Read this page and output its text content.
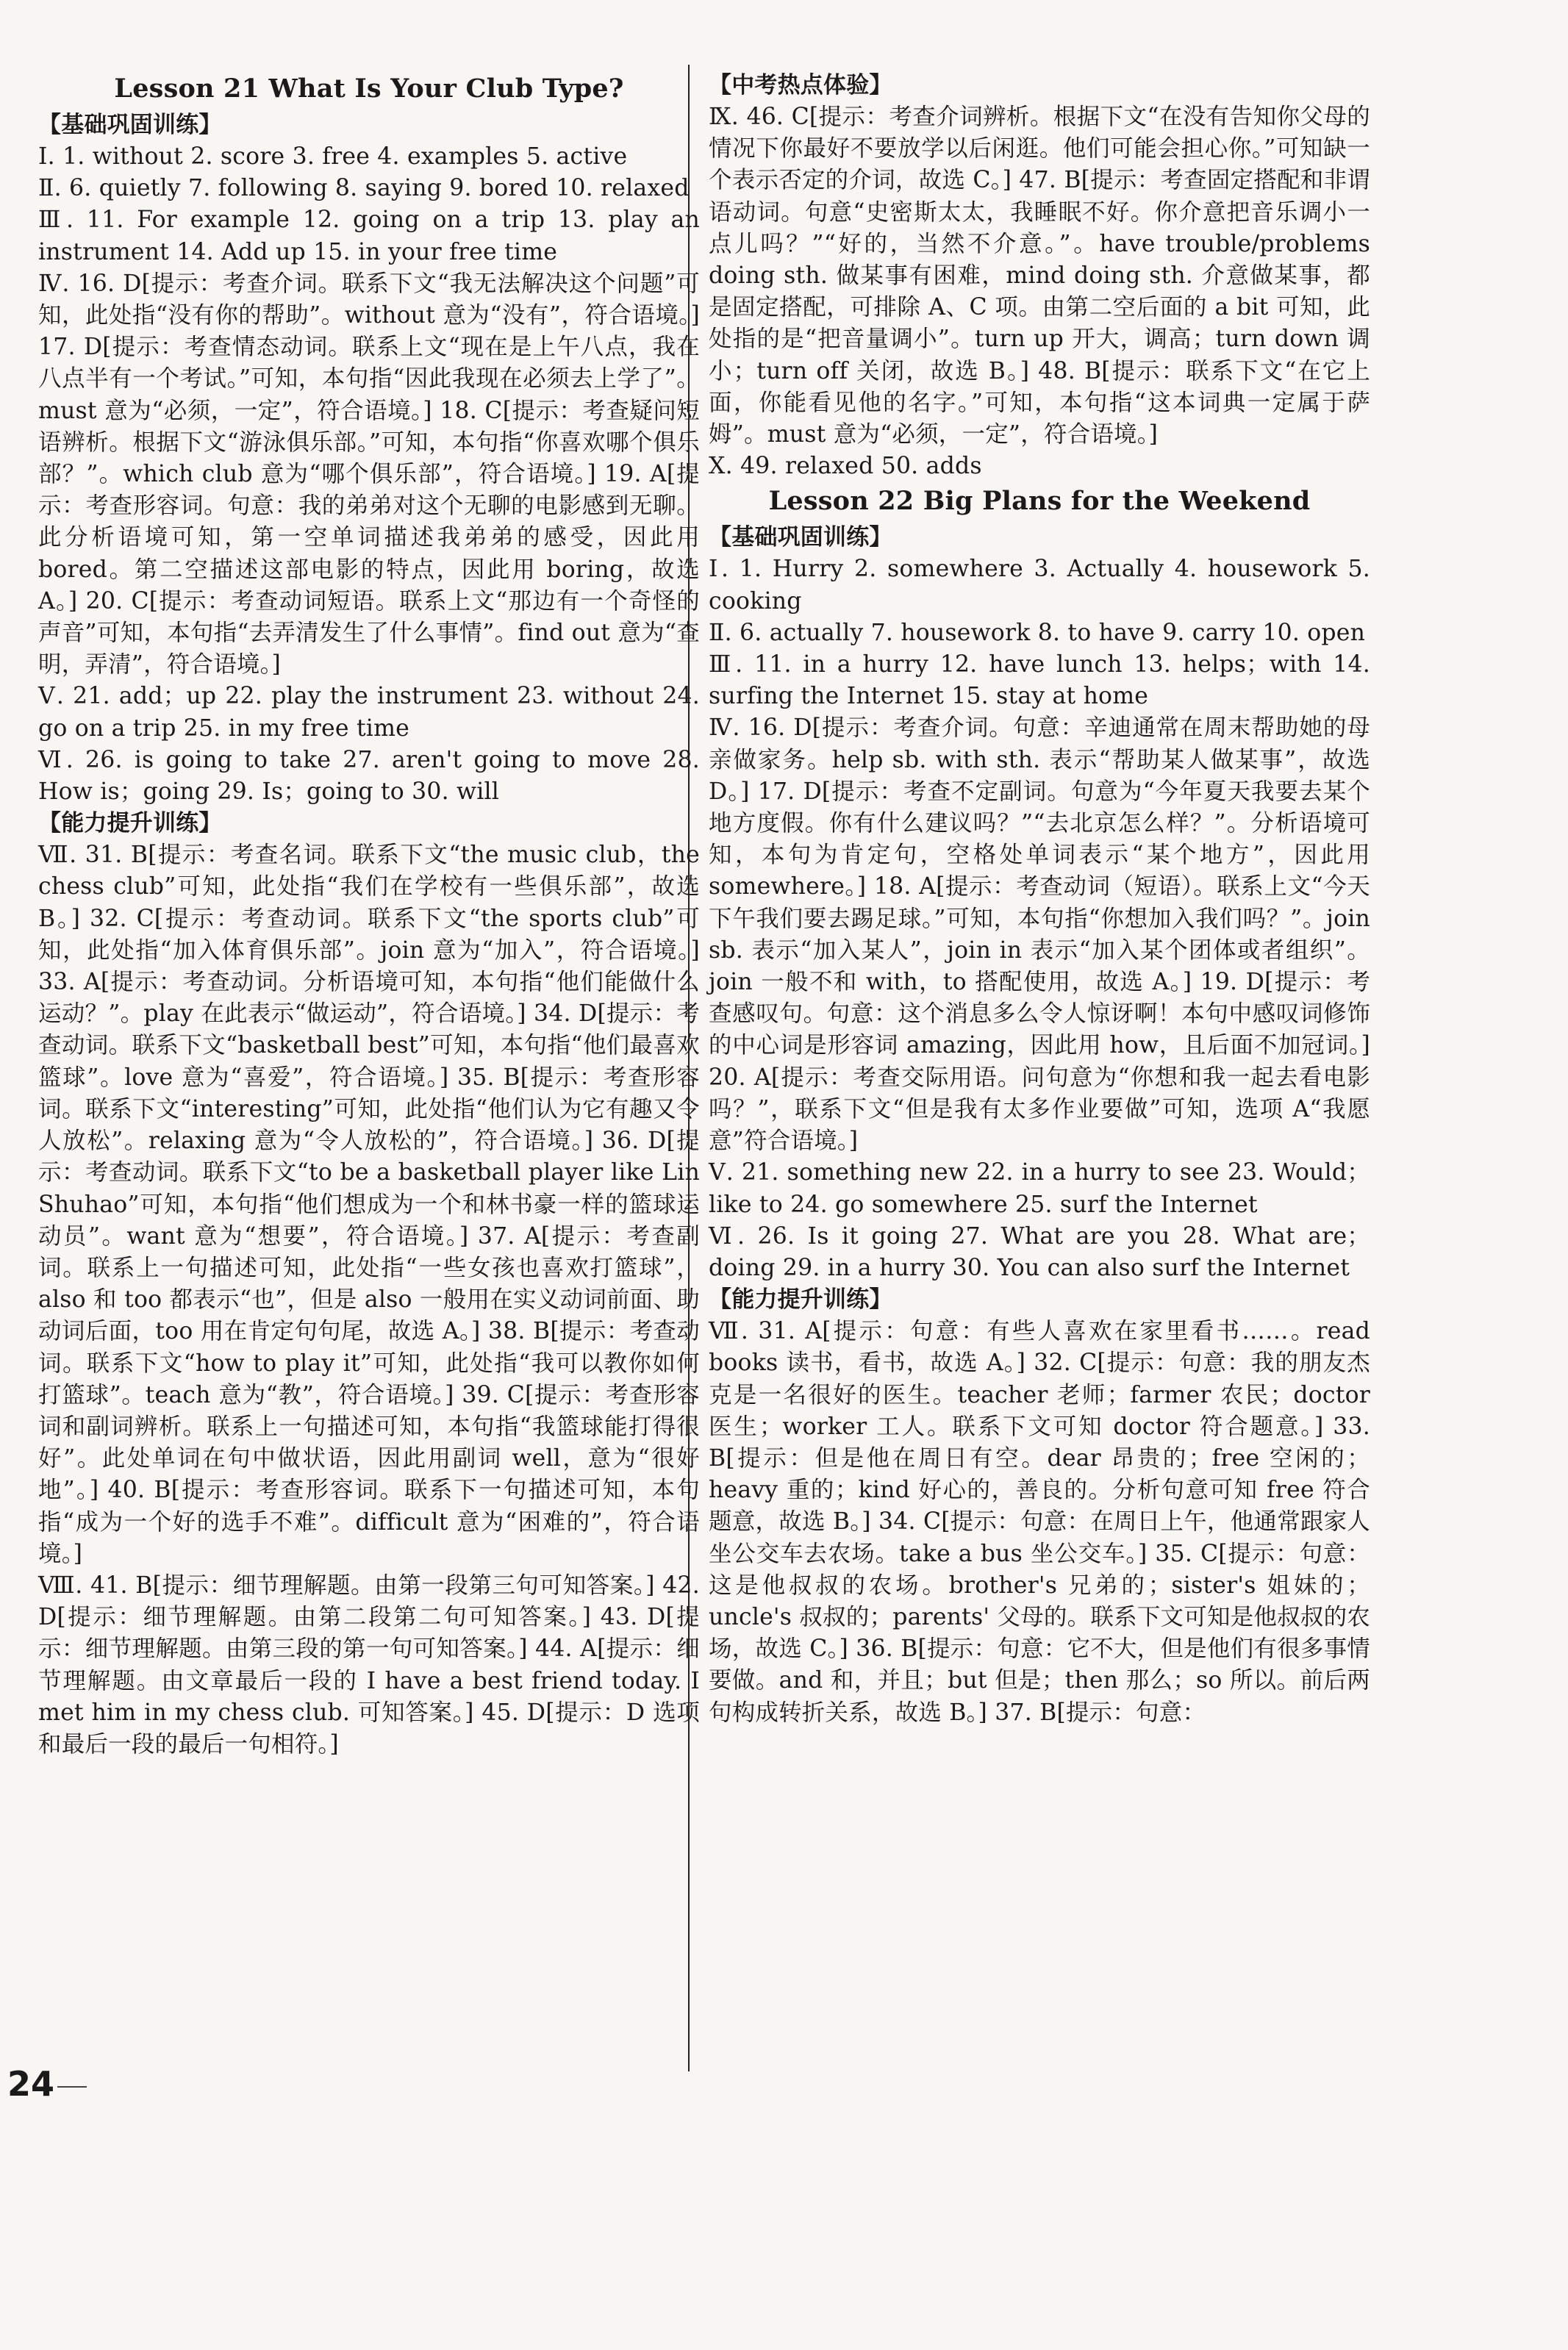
Lesson 21 What Is Your Club Type?
【基础巩固训练】

Ⅰ. 1. without 2. score 3. free 4. examples 5. active

Ⅱ. 6. quietly 7. following 8. saying 9. bored 10. relaxed

Ⅲ. 11. For example 12. going on a trip 13. play an instrument 14. Add up 15. in your free time

Ⅳ. 16. D[提示：考查介词。联系下文“我无法解决这个问题”可知，此处指“没有你的帮助”。without 意为“没有”，符合语境。] 17. D[提示：考查情态动词。联系上文“现在是上午八点，我在八点半有一个考试。”可知，本句指“因此我现在必须去上学了”。must 意为“必须，一定”，符合语境。] 18. C[提示：考查疑问短语辨析。根据下文“游泳俱乐部。”可知，本句指“你喜欢哪个俱乐部？”。which club 意为“哪个俱乐部”，符合语境。] 19. A[提示：考查形容词。句意：我的弟弟对这个无聊的电影感到无聊。此分析语境可知，第一空单词描述我弟弟的感受，因此用 bored。第二空描述这部电影的特点，因此用 boring，故选 A。] 20. C[提示：考查动词短语。联系上文“那边有一个奇怪的声音”可知，本句指“去弄清发生了什么事情”。find out 意为“查明，弄清”，符合语境。]

Ⅴ. 21. add；up 22. play the instrument 23. without 24. go on a trip 25. in my free time

Ⅵ. 26. is going to take 27. aren't going to move 28. How is；going 29. Is；going to 30. will

【能力提升训练】

Ⅶ. 31. B[提示：考查名词。联系下文“the music club，the chess club”可知，此处指“我们在学校有一些俱乐部”，故选 B。] 32. C[提示：考查动词。联系下文“the sports club”可知，此处指“加入体育俱乐部”。join 意为“加入”，符合语境。] 33. A[提示：考查动词。分析语境可知，本句指“他们能做什么运动？”。play 在此表示“做运动”，符合语境。] 34. D[提示：考查动词。联系下文“basketball best”可知，本句指“他们最喜欢篮球”。love 意为“喜爱”，符合语境。] 35. B[提示：考查形容词。联系下文“interesting”可知，此处指“他们认为它有趣又令人放松”。relaxing 意为“令人放松的”，符合语境。] 36. D[提示：考查动词。联系下文“to be a basketball player like Lin Shuhao”可知，本句指“他们想成为一个和林书豪一样的篮球运动员”。want 意为“想要”，符合语境。] 37. A[提示：考查副词。联系上一句描述可知，此处指“一些女孩也喜欢打篮球”，also 和 too 都表示“也”，但是 also 一般用在实义动词前面、助动词后面，too 用在肯定句句尾，故选 A。] 38. B[提示：考查动词。联系下文“how to play it”可知，此处指“我可以教你如何打篮球”。teach 意为“教”，符合语境。] 39. C[提示：考查形容词和副词辨析。联系上一句描述可知，本句指“我篮球能打得很好”。此处单词在句中做状语，因此用副词 well，意为“很好地”。] 40. B[提示：考查形容词。联系下一句描述可知，本句指“成为一个好的选手不难”。difficult 意为“困难的”，符合语境。]

Ⅷ. 41. B[提示：细节理解题。由第一段第三句可知答案。] 42. D[提示：细节理解题。由第二段第二句可知答案。] 43. D[提示：细节理解题。由第三段的第一句可知答案。] 44. A[提示：细节理解题。由文章最后一段的 I have a best friend today. I met him in my chess club. 可知答案。] 45. D[提示：D 选项和最后一段的最后一句相符。]

【中考热点体验】

Ⅸ. 46. C[提示：考查介词辨析。根据下文“在没有告知你父母的情况下你最好不要放学以后闲逛。他们可能会担心你。”可知缺一个表示否定的介词，故选 C。] 47. B[提示：考查固定搭配和非谓语动词。句意“史密斯太太，我睡眠不好。你介意把音乐调小一点儿吗？”“好的，当然不介意。”。have trouble/problems doing sth. 做某事有困难，mind doing sth. 介意做某事，都是固定搭配，可排除 A、C 项。由第二空后面的 a bit 可知，此处指的是“把音量调小”。turn up 开大，调高；turn down 调小；turn off 关闭，故选 B。] 48. B[提示：联系下文“在它上面，你能看见他的名字。”可知，本句指“这本词典一定属于萨姆”。must 意为“必须，一定”，符合语境。]

Ⅹ. 49. relaxed 50. adds

Lesson 22 Big Plans for the Weekend
【基础巩固训练】

Ⅰ. 1. Hurry 2. somewhere 3. Actually 4. housework 5. cooking

Ⅱ. 6. actually 7. housework 8. to have 9. carry 10. open

Ⅲ. 11. in a hurry 12. have lunch 13. helps；with 14. surfing the Internet 15. stay at home

Ⅳ. 16. D[提示：考查介词。句意：辛迪通常在周末帮助她的母亲做家务。help sb. with sth. 表示“帮助某人做某事”，故选 D。] 17. D[提示：考查不定副词。句意为“今年夏天我要去某个地方度假。你有什么建议吗？”“去北京怎么样？”。分析语境可知，本句为肯定句，空格处单词表示“某个地方”，因此用 somewhere。] 18. A[提示：考查动词（短语）。联系上文“今天下午我们要去踢足球。”可知，本句指“你想加入我们吗？”。join sb. 表示“加入某人”，join in 表示“加入某个团体或者组织”。join 一般不和 with，to 搭配使用，故选 A。] 19. D[提示：考查感叹句。句意：这个消息多么令人惊讶啊！本句中感叹词修饰的中心词是形容词 amazing，因此用 how，且后面不加冠词。] 20. A[提示：考查交际用语。问句意为“你想和我一起去看电影吗？”，联系下文“但是我有太多作业要做”可知，选项 A“我愿意”符合语境。]

Ⅴ. 21. something new 22. in a hurry to see 23. Would；like to 24. go somewhere 25. surf the Internet

Ⅵ. 26. Is it going 27. What are you 28. What are；doing 29. in a hurry 30. You can also surf the Internet

【能力提升训练】

Ⅶ. 31. A[提示：句意：有些人喜欢在家里看书……。read books 读书，看书，故选 A。] 32. C[提示：句意：我的朋友杰克是一名很好的医生。teacher 老师；farmer 农民；doctor 医生；worker 工人。联系下文可知 doctor 符合题意。] 33. B[提示：但是他在周日有空。dear 昂贵的；free 空闲的；heavy 重的；kind 好心的，善良的。分析句意可知 free 符合题意，故选 B。] 34. C[提示：句意：在周日上午，他通常跟家人坐公交车去农场。take a bus 坐公交车。] 35. C[提示：句意：这是他叔叔的农场。brother's 兄弟的；sister's 姐妹的；uncle's 叔叔的；parents' 父母的。联系下文可知是他叔叔的农场，故选 C。] 36. B[提示：句意：它不大，但是他们有很多事情要做。and 和，并且；but 但是；then 那么；so 所以。前后两句构成转折关系，故选 B。] 37. B[提示：句意：

24
